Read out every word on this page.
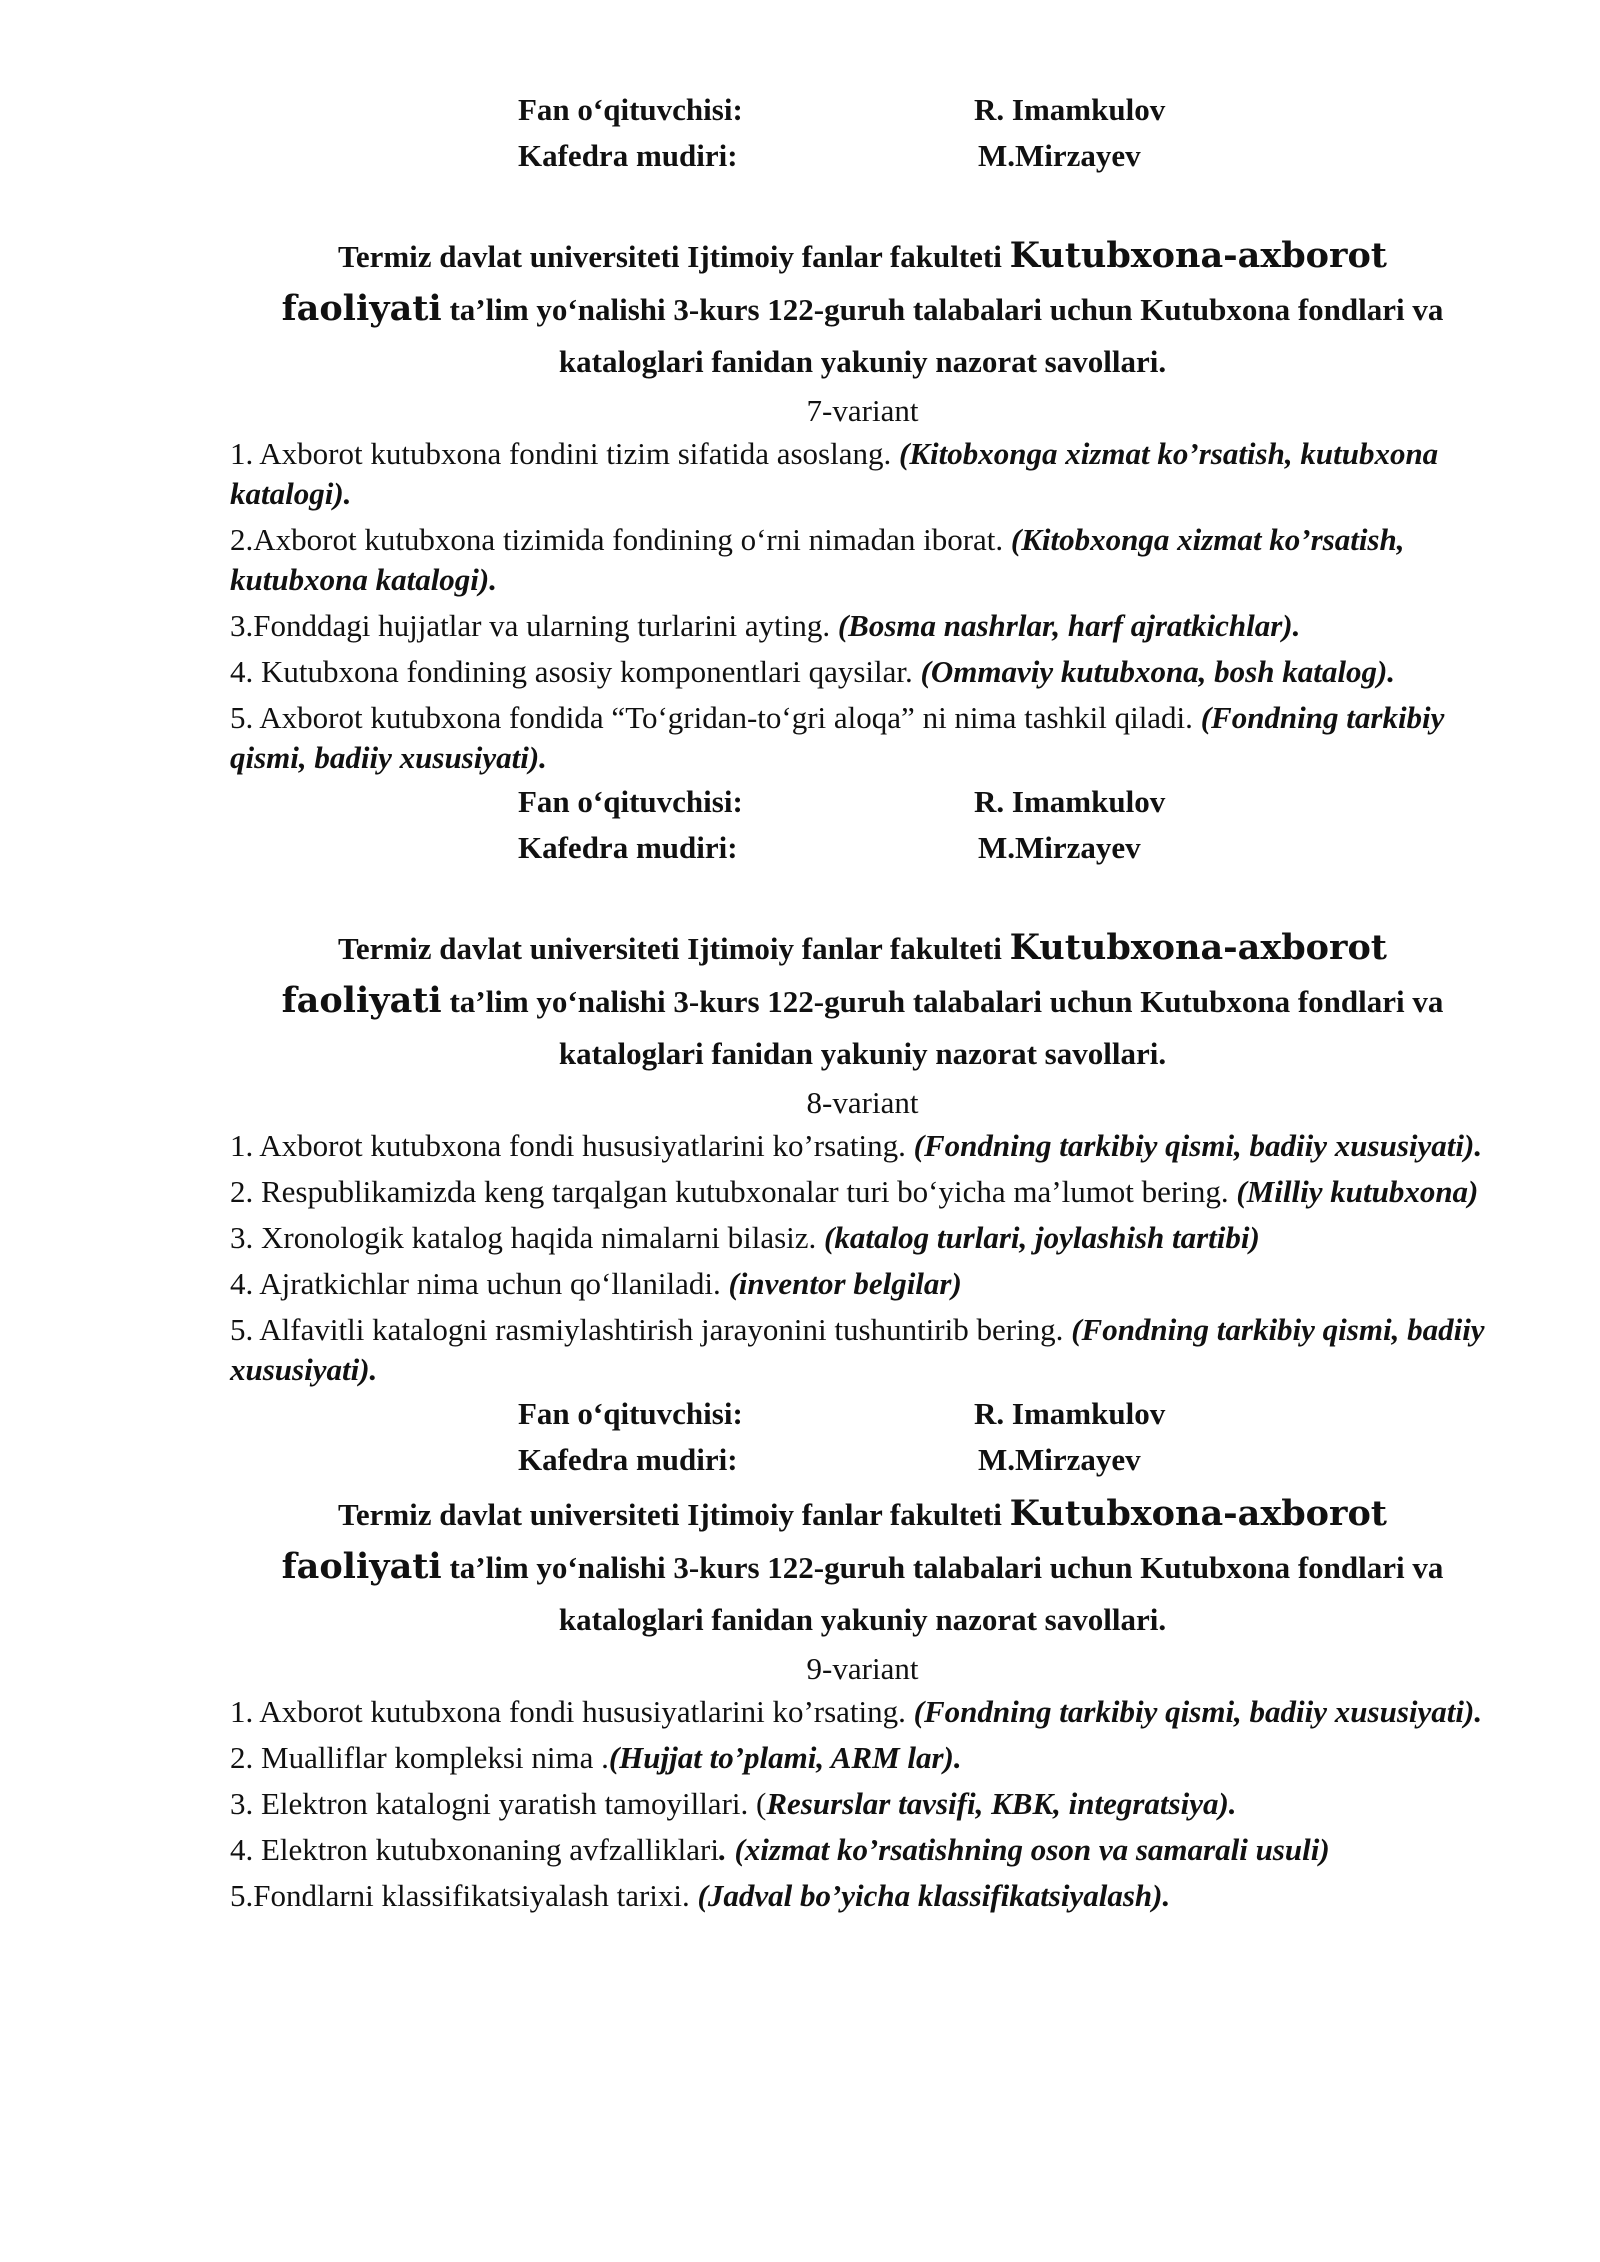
Fan o‘qituvchisi:	R. Imamkulov
Kafedra mudiri:	M.Mirzayev
Termiz davlat universiteti Ijtimoiy fanlar fakulteti Kutubxona-axborot
faoliyati ta’lim yo‘nalishi 3-kurs 122-guruh talabalari uchun Kutubxona fondlari va kataloglari fanidan yakuniy nazorat savollari.
7-variant
1. Axborot kutubxona fondini tizim sifatida asoslang. (Kitobxonga xizmat ko’rsatish, kutubxona katalogi).
2.Axborot kutubxona tizimida fondining o‘rni nimadan iborat. (Kitobxonga xizmat ko’rsatish, kutubxona katalogi).
3.Fonddagi hujjatlar va ularning turlarini ayting. (Bosma nashrlar, harf ajratkichlar).
4. Kutubxona fondining asosiy komponentlari qaysilar. (Ommaviy kutubxona, bosh katalog).
5. Axborot kutubxona fondida “To‘gridan-to‘gri aloqa” ni nima tashkil qiladi. (Fondning tarkibiy qismi, badiiy xususiyati).
Fan o‘qituvchisi:	R. Imamkulov
Kafedra mudiri:	M.Mirzayev
Termiz davlat universiteti Ijtimoiy fanlar fakulteti Kutubxona-axborot
faoliyati ta’lim yo‘nalishi 3-kurs 122-guruh talabalari uchun Kutubxona fondlari va kataloglari fanidan yakuniy nazorat savollari.
8-variant
1. Axborot kutubxona fondi hususiyatlarini ko’rsating. (Fondning tarkibiy qismi, badiiy xususiyati).
2. Respublikamizda keng tarqalgan kutubxonalar turi bo‘yicha ma’lumot bering. (Milliy kutubxona)
3. Xronologik katalog haqida nimalarni bilasiz. (katalog turlari, joylashish tartibi)
4. Ajratkichlar nima uchun qo‘llaniladi. (inventor belgilar)
5. Alfavitli katalogni rasmiylashtirish jarayonini tushuntirib bering. (Fondning tarkibiy qismi, badiiy xususiyati).
Fan o‘qituvchisi:	R. Imamkulov
Kafedra mudiri:	M.Mirzayev
Termiz davlat universiteti Ijtimoiy fanlar fakulteti Kutubxona-axborot
faoliyati ta’lim yo‘nalishi 3-kurs 122-guruh talabalari uchun Kutubxona fondlari va kataloglari fanidan yakuniy nazorat savollari.
9-variant
1. Axborot kutubxona fondi hususiyatlarini ko’rsating. (Fondning tarkibiy qismi, badiiy xususiyati).
2. Mualliflar kompleksi nima .(Hujjat to’plami, ARM lar).
3. Elektron katalogni yaratish tamoyillari. (Resurslar tavsifi, KBK, integratsiya).
4. Elektron kutubxonaning avfzalliklari. (xizmat ko’rsatishning oson va samarali usuli)
5.Fondlarni klassifikatsiyalash tarixi. (Jadval bo’yicha klassifikatsiyalash).
